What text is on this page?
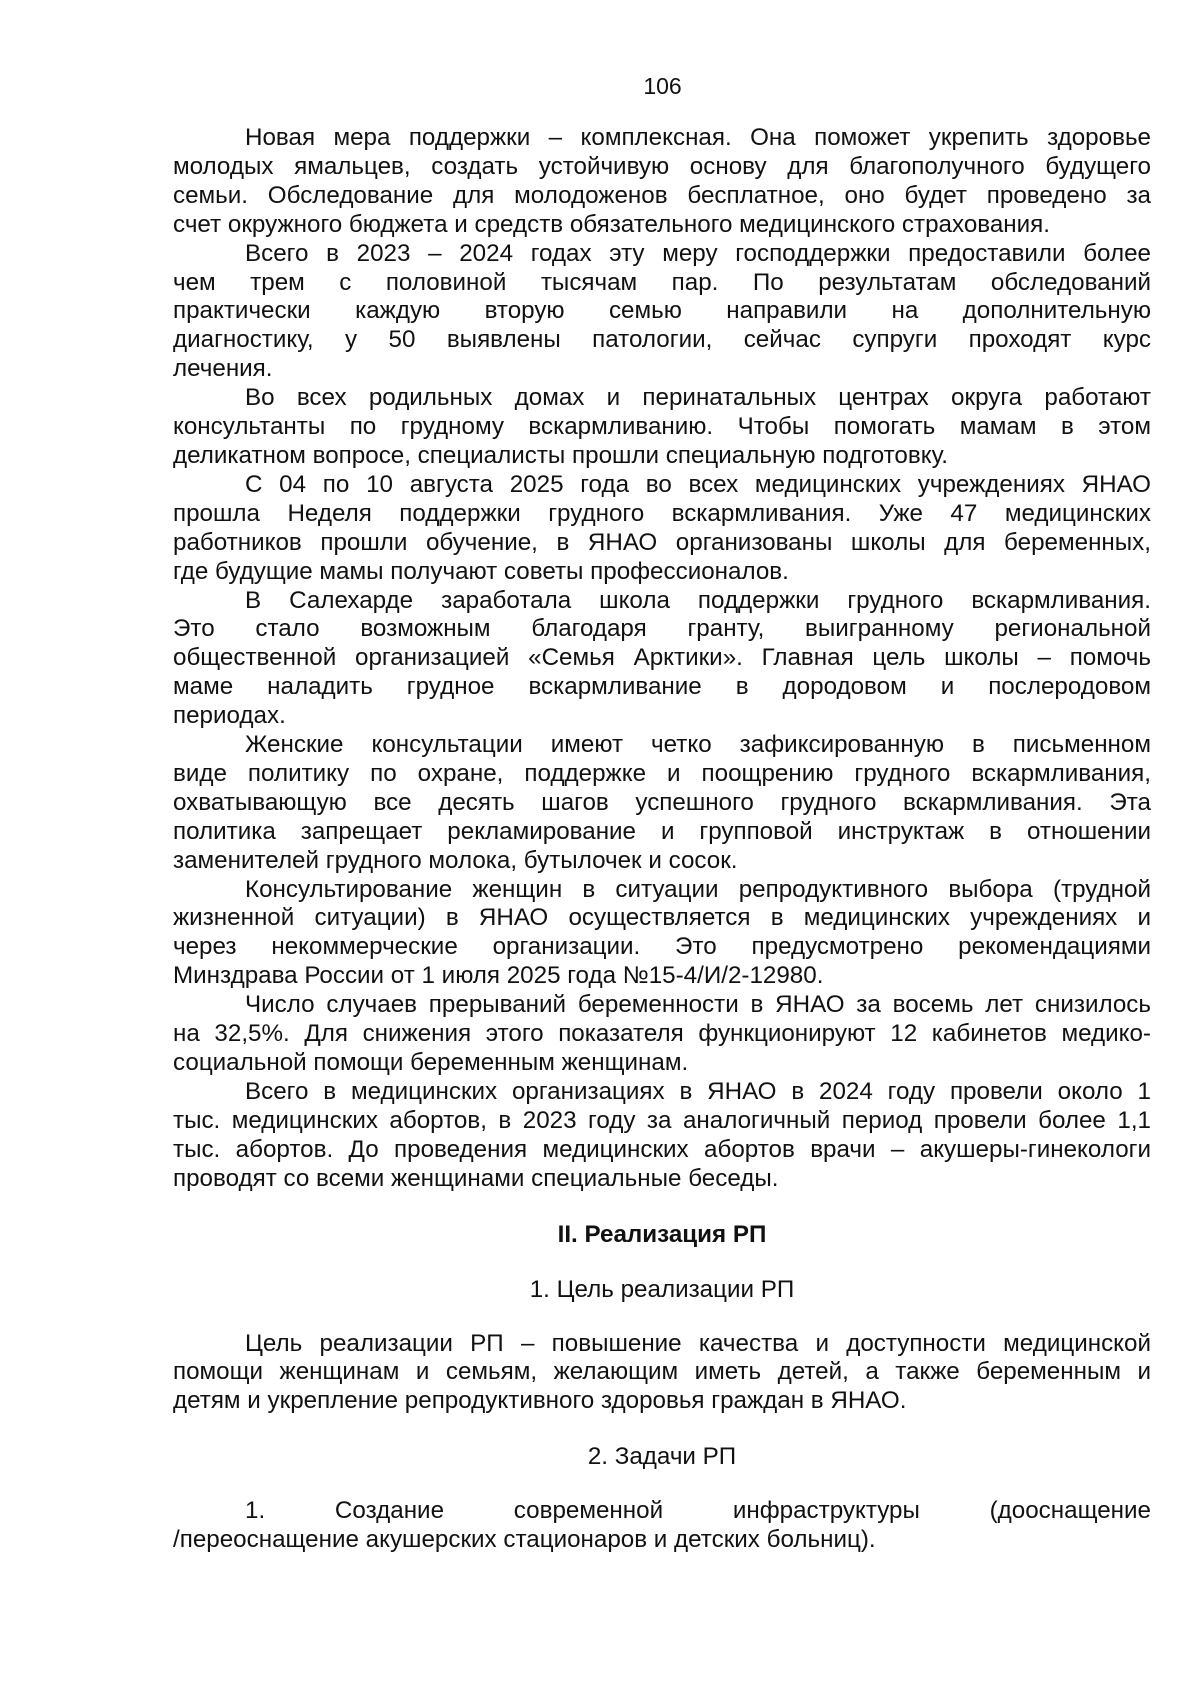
106

Новая мера поддержки – комплексная. Она поможет укрепить здоровье
молодых ямальцев, создать устойчивую основу для благополучного будущего
семьи. Обследование для молодоженов бесплатное, оно будет проведено за
счет окружного бюджета и средств обязательного медицинского страхования.

Всего в 2023 – 2024 годах эту меру господдержки предоставили более
чем трем с половиной тысячам пар. По результатам обследований
практически каждую вторую семью направили на дополнительную
диагностику, у 50 выявлены патологии, сейчас супруги проходят курс
лечения.

Во всех родильных домах и перинатальных центрах округа работают
консультанты по грудному вскармливанию. Чтобы помогать мамам в этом
деликатном вопросе, специалисты прошли специальную подготовку.

С 04 по 10 августа 2025 года во всех медицинских учреждениях ЯНАО
прошла Неделя поддержки грудного вскармливания. Уже 47 медицинских
работников прошли обучение, в ЯНАО организованы школы для беременных,
где будущие мамы получают советы профессионалов.

В Салехарде заработала школа поддержки грудного вскармливания.
Это стало возможным благодаря гранту, выигранному региональной
общественной организацией «Семья Арктики». Главная цель школы – помочь
маме наладить грудное вскармливание в дородовом и послеродовом
периодах.

Женские консультации имеют четко зафиксированную в письменном
виде политику по охране, поддержке и поощрению грудного вскармливания,
охватывающую все десять шагов успешного грудного вскармливания. Эта
политика запрещает рекламирование и групповой инструктаж в отношении
заменителей грудного молока, бутылочек и сосок.

Консультирование женщин в ситуации репродуктивного выбора (трудной
жизненной ситуации) в ЯНАО осуществляется в медицинских учреждениях и
через некоммерческие организации. Это предусмотрено рекомендациями
Минздрава России от 1 июля 2025 года №15-4/И/2-12980.

Число случаев прерываний беременности в ЯНАО за восемь лет снизилось
на 32,5%. Для снижения этого показателя функционируют 12 кабинетов медико-
социальной помощи беременным женщинам.

Всего в медицинских организациях в ЯНАО в 2024 году провели около 1
тыс. медицинских абортов, в 2023 году за аналогичный период провели более 1,1
тыс. абортов. До проведения медицинских абортов врачи – акушеры-гинекологи
проводят со всеми женщинами специальные беседы.

II. Реализация РП

1. Цель реализации РП

Цель реализации РП – повышение качества и доступности медицинской
помощи женщинам и семьям, желающим иметь детей, а также беременным и
детям и укрепление репродуктивного здоровья граждан в ЯНАО.

2. Задачи РП

1. Создание современной инфраструктуры (дооснащение
/переоснащение акушерских стационаров и детских больниц).
